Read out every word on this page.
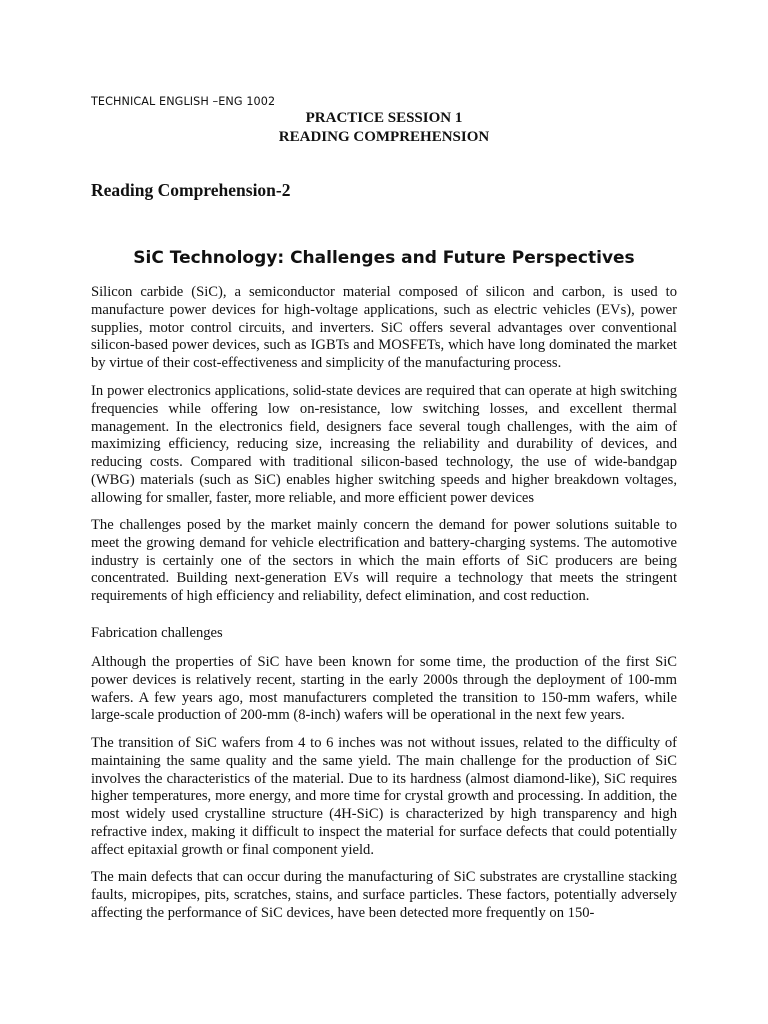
TECHNICAL ENGLISH –ENG 1002
PRACTICE SESSION 1
READING COMPREHENSION
Reading Comprehension-2
SiC Technology: Challenges and Future Perspectives

Silicon carbide (SiC), a semiconductor material composed of silicon and carbon, is used to manufacture power devices for high-voltage applications, such as electric vehicles (EVs), power supplies, motor control circuits, and inverters. SiC offers several advantages over conventional silicon-based power devices, such as IGBTs and MOSFETs, which have long dominated the market by virtue of their cost-effectiveness and simplicity of the manufacturing process.

In power electronics applications, solid-state devices are required that can operate at high switching frequencies while offering low on-resistance, low switching losses, and excellent thermal management. In the electronics field, designers face several tough challenges, with the aim of maximizing efficiency, reducing size, increasing the reliability and durability of devices, and reducing costs. Compared with traditional silicon-based technology, the use of wide-bandgap (WBG) materials (such as SiC) enables higher switching speeds and higher breakdown voltages, allowing for smaller, faster, more reliable, and more efficient power devices

The challenges posed by the market mainly concern the demand for power solutions suitable to meet the growing demand for vehicle electrification and battery-charging systems. The automotive industry is certainly one of the sectors in which the main efforts of SiC producers are being concentrated. Building next-generation EVs will require a technology that meets the stringent requirements of high efficiency and reliability, defect elimination, and cost reduction.

Fabrication challenges

Although the properties of SiC have been known for some time, the production of the first SiC power devices is relatively recent, starting in the early 2000s through the deployment of 100-mm wafers. A few years ago, most manufacturers completed the transition to 150-mm wafers, while large-scale production of 200-mm (8-inch) wafers will be operational in the next few years.

The transition of SiC wafers from 4 to 6 inches was not without issues, related to the difficulty of maintaining the same quality and the same yield. The main challenge for the production of SiC involves the characteristics of the material. Due to its hardness (almost diamond-like), SiC requires higher temperatures, more energy, and more time for crystal growth and processing. In addition, the most widely used crystalline structure (4H-SiC) is characterized by high transparency and high refractive index, making it difficult to inspect the material for surface defects that could potentially affect epitaxial growth or final component yield.

The main defects that can occur during the manufacturing of SiC substrates are crystalline stacking faults, micropipes, pits, scratches, stains, and surface particles. These factors, potentially adversely affecting the performance of SiC devices, have been detected more frequently on 150-
